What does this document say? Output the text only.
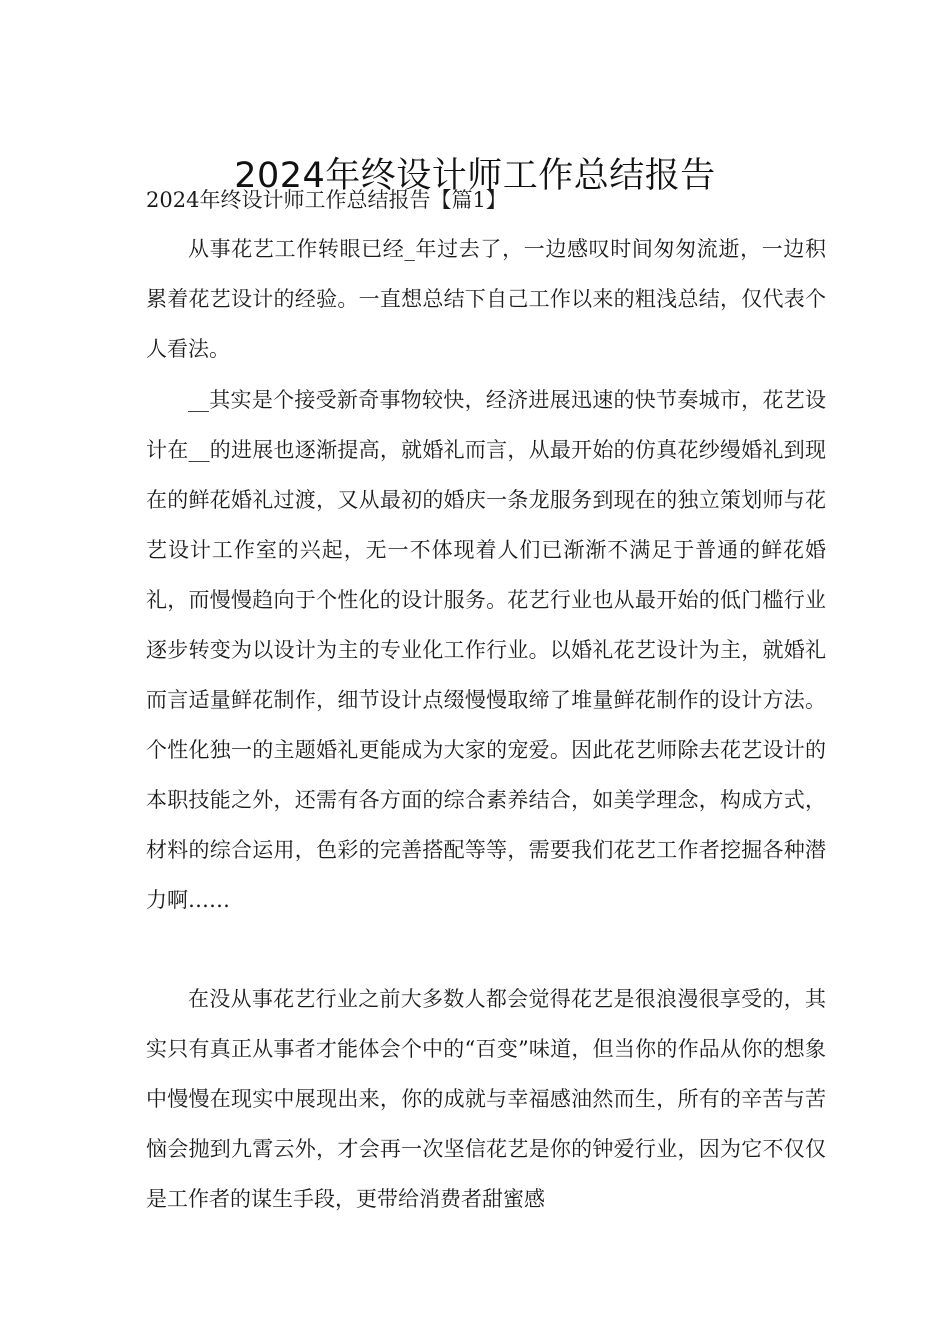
2024年终设计师工作总结报告
2024年终设计师工作总结报告【篇1】

从事花艺工作转眼已经_年过去了，一边感叹时间匆匆流逝，一边积累着花艺设计的经验。一直想总结下自己工作以来的粗浅总结，仅代表个人看法。

__其实是个接受新奇事物较快，经济进展迅速的快节奏城市，花艺设计在__的进展也逐渐提高，就婚礼而言，从最开始的仿真花纱缦婚礼到现在的鲜花婚礼过渡，又从最初的婚庆一条龙服务到现在的独立策划师与花艺设计工作室的兴起，无一不体现着人们已渐渐不满足于普通的鲜花婚礼，而慢慢趋向于个性化的设计服务。花艺行业也从最开始的低门槛行业逐步转变为以设计为主的专业化工作行业。以婚礼花艺设计为主，就婚礼而言适量鲜花制作，细节设计点缀慢慢取缔了堆量鲜花制作的设计方法。个性化独一的主题婚礼更能成为大家的宠爱。因此花艺师除去花艺设计的本职技能之外，还需有各方面的综合素养结合，如美学理念，构成方式，材料的综合运用，色彩的完善搭配等等，需要我们花艺工作者挖掘各种潜力啊……

在没从事花艺行业之前大多数人都会觉得花艺是很浪漫很享受的，其实只有真正从事者才能体会个中的“百变”味道，但当你的作品从你的想象中慢慢在现实中展现出来，你的成就与幸福感油然而生，所有的辛苦与苦恼会抛到九霄云外，才会再一次坚信花艺是你的钟爱行业，因为它不仅仅是工作者的谋生手段，更带给消费者甜蜜感
